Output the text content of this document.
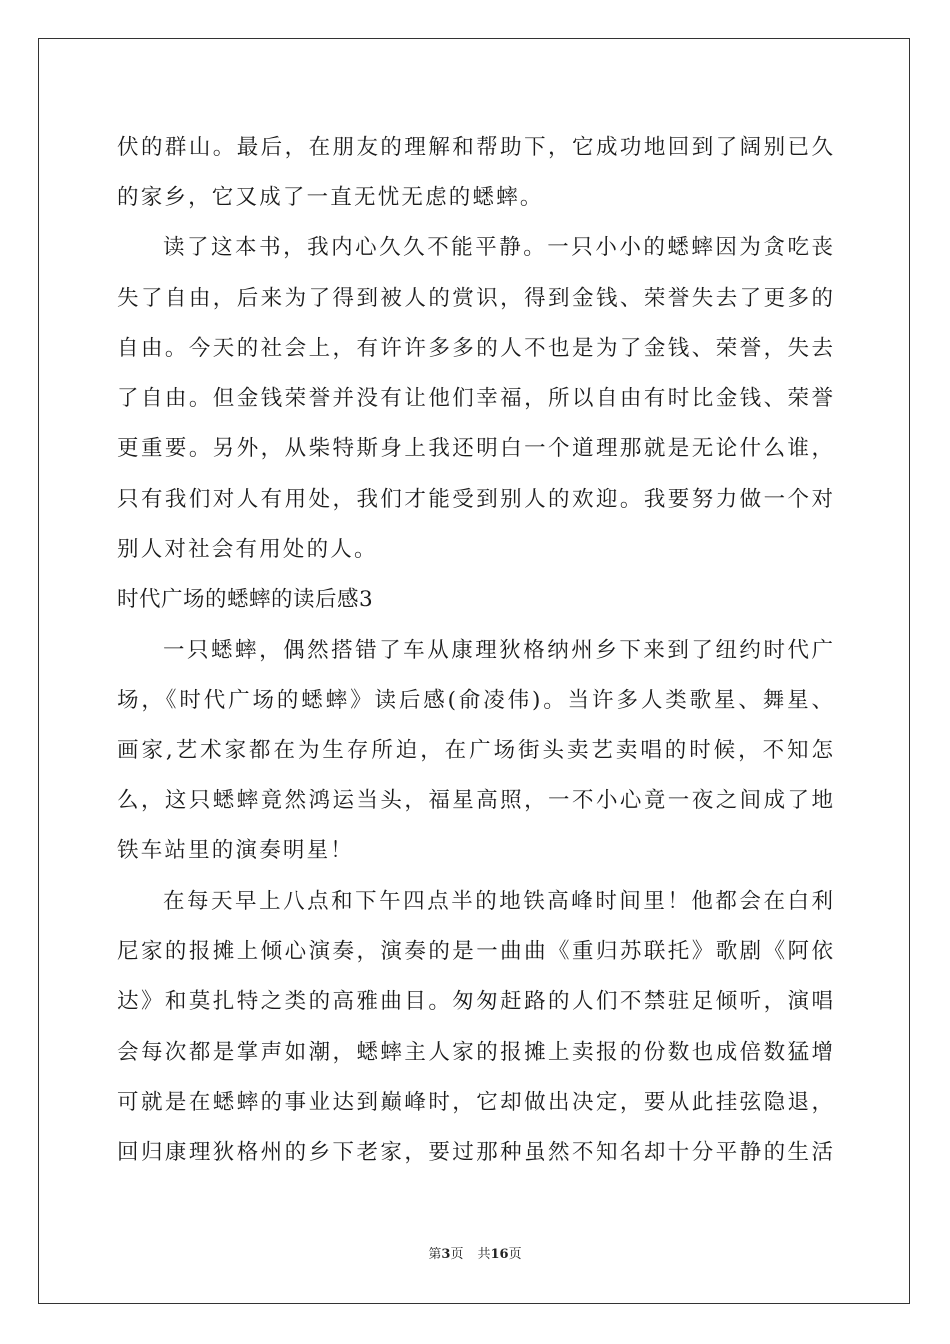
伏的群山。最后，在朋友的理解和帮助下，它成功地回到了阔别已久
的家乡，它又成了一直无忧无虑的蟋蟀。
读了这本书，我内心久久不能平静。一只小小的蟋蟀因为贪吃丧
失了自由，后来为了得到被人的赏识，得到金钱、荣誉失去了更多的
自由。今天的社会上，有许许多多的人不也是为了金钱、荣誉，失去
了自由。但金钱荣誉并没有让他们幸福，所以自由有时比金钱、荣誉
更重要。另外，从柴特斯身上我还明白一个道理那就是无论什么谁，
只有我们对人有用处，我们才能受到别人的欢迎。我要努力做一个对
别人对社会有用处的人。
时代广场的蟋蟀的读后感3
一只蟋蟀，偶然搭错了车从康理狄格纳州乡下来到了纽约时代广
场，《时代广场的蟋蟀》读后感(俞凌伟)。当许多人类歌星、舞星、
画家,艺术家都在为生存所迫，在广场街头卖艺卖唱的时候，不知怎
么，这只蟋蟀竟然鸿运当头，福星高照，一不小心竟一夜之间成了地
铁车站里的演奏明星！
在每天早上八点和下午四点半的地铁高峰时间里！他都会在白利
尼家的报摊上倾心演奏，演奏的是一曲曲《重归苏联托》歌剧《阿依
达》和莫扎特之类的高雅曲目。匆匆赶路的人们不禁驻足倾听，演唱
会每次都是掌声如潮，蟋蟀主人家的报摊上卖报的份数也成倍数猛增
可就是在蟋蟀的事业达到巅峰时，它却做出决定，要从此挂弦隐退，
回归康理狄格州的乡下老家，要过那种虽然不知名却十分平静的生活
第3页 共16页
